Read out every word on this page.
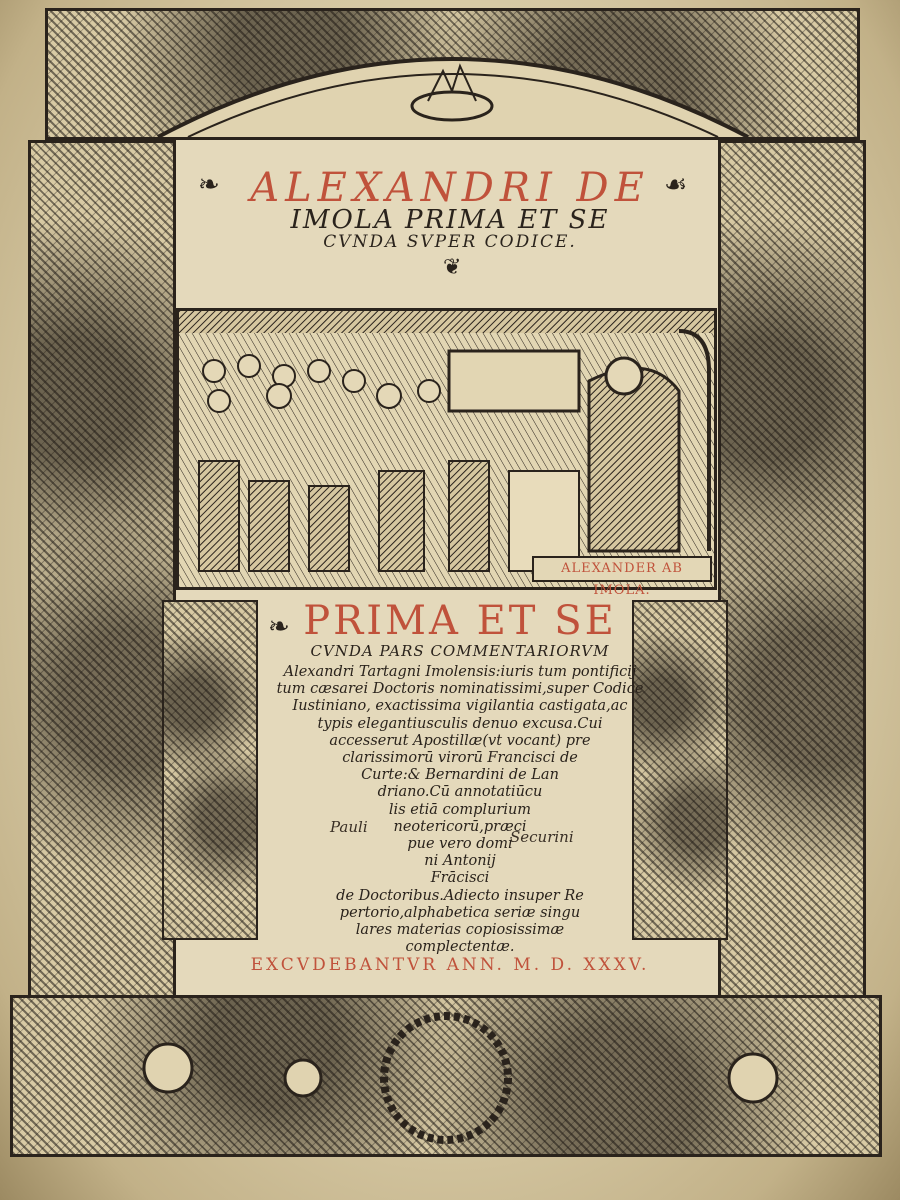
❧	☙
ALEXANDRI DE
IMOLA PRIMA ET SE
CVNDA SVPER CODICE.
❦
ALEXANDER AB IMOLA.
❧ PRIMA ET SE
CVNDA PARS COMMENTARIORVM
Pauli
Securini
EXCVDEBANTVR ANN. M. D. XXXV.
Alexandri Tartagni Imolensis:iuris tum pontificij
tum cæsarei Doctoris nominatissimi,super Codice
Iustiniano, exactissima vigilantia castigata,ac
typis elegantiusculis denuo excusa.Cui
accesserut Apostillæ(vt vocant) pre
clarissimorū virorū Francisci de
Curte:& Bernardini de Lan
driano.Cū annotatiūcu
lis etiā complurium
neotericorū,præci
pue vero domi
ni Antonij
Frācisci
de Doctoribus.Adiecto insuper Re
pertorio,alphabetica seriæ singu
lares materias copiosissimæ
complectentæ.
